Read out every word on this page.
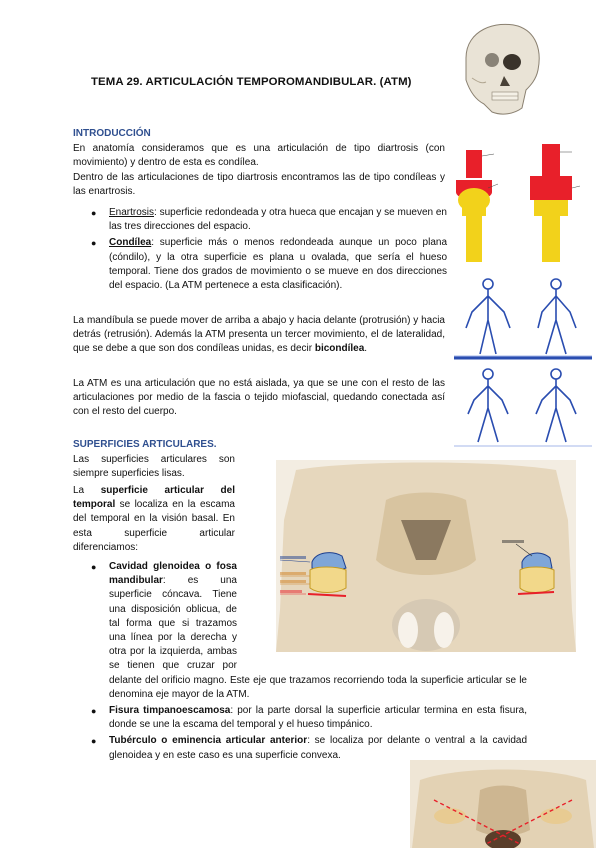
TEMA 29. ARTICULACIÓN TEMPOROMANDIBULAR. (ATM)
INTRODUCCIÓN
En anatomía consideramos que es una articulación de tipo diartrosis (con movimiento) y dentro de esta es condílea.
Dentro de las articulaciones de tipo diartrosis encontramos las de tipo condíleas y las enartrosis.
● Enartrosis: superficie redondeada y otra hueca que encajan y se mueven en las tres direcciones del espacio.
● Condílea: superficie más o menos redondeada aunque un poco plana (cóndilo), y la otra superficie es plana u ovalada, que sería el hueso temporal. Tiene dos grados de movimiento o se mueve en dos direcciones del espacio. (La ATM pertenece a esta clasificación).
La mandíbula se puede mover de arriba a abajo y hacia delante (protrusión) y hacia detrás (retrusión). Además la ATM presenta un tercer movimiento, el de lateralidad, que se debe a que son dos condíleas unidas, es decir bicondílea.
La ATM es una articulación que no está aislada, ya que se une con el resto de las articulaciones por medio de la fascia o tejido miofascial, quedando conectada así con el resto del cuerpo.
SUPERFICIES ARTICULARES.
Las superficies articulares son siempre superficies lisas.
La superficie articular del temporal se localiza en la escama del temporal en la visión basal. En esta superficie articular diferenciamos:
● Cavidad glenoidea o fosa mandibular: es una superficie cóncava. Tiene una disposición oblicua, de tal forma que si trazamos una línea por la derecha y otra por la izquierda, ambas se tienen que cruzar por delante del orificio magno. Este eje que trazamos recorriendo toda la superficie articular se le denomina eje mayor de la ATM.
● Fisura timpanoescamosa: por la parte dorsal la superficie articular termina en esta fisura, donde se une la escama del temporal y el hueso timpánico.
● Tubérculo o eminencia articular anterior: se localiza por delante o ventral a la cavidad glenoidea y en este caso es una superficie convexa.
